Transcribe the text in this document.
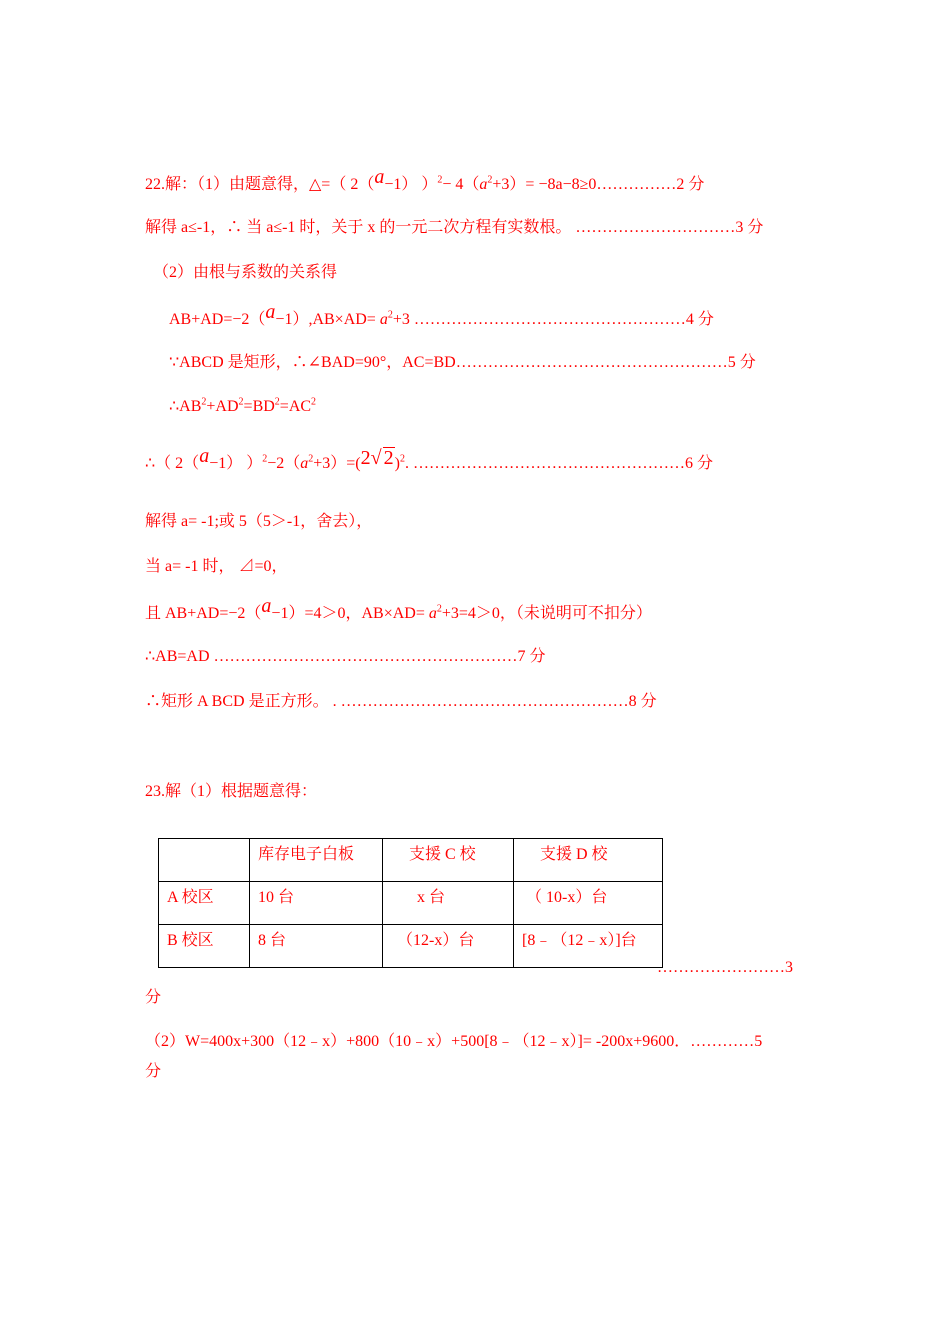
22.解：（1）由题意得，△=（ 2（a−1） ）$^2- 4(a^2+3)=$ −8a−8≥0……………2 分
解得 a≤-1，∴ 当 a≤-1 时，关于 x 的一元二次方程有实数根。 …………………………3 分
（2）由根与系数的关系得
$AB+AD=-2(a-1),AB\times AD= a^2+3$ ……………………………………………4 分
∵ABCD 是矩形，∴∠BAD=90°，AC=BD……………………………………………5 分
$\therefore AB^2+AD^2=BD^2=AC^2$
∴（ 2（a−1） ）$^2-2(a^2+3)=$( 2 √ 2 )$^2$. ……………………………………………6 分
解得 a= -1;或 5（5＞-1，舍去），
当 a= -1 时， ⊿=0，
且 AB+AD=−2（a−1）=4＞0，$AB\times AD= a^2+3=4>0$，（未说明可不扣分）
∴AB=AD …………………………………………………7 分
∴矩形 A BCD 是正方形。 . ………………………………………………8 分
23.解（1）根据题意得：
	库存电子白板	支援 C 校	支援 D 校
A 校区	10 台	x 台	（ 10-x）台
B 校区	8 台	（12-x）台	[8﹣（12﹣x）]台
……………………3
分
（2）W=400x+300（12﹣x）+800（10﹣x）+500[8﹣（12﹣x）]= -200x+9600．…………5
分
